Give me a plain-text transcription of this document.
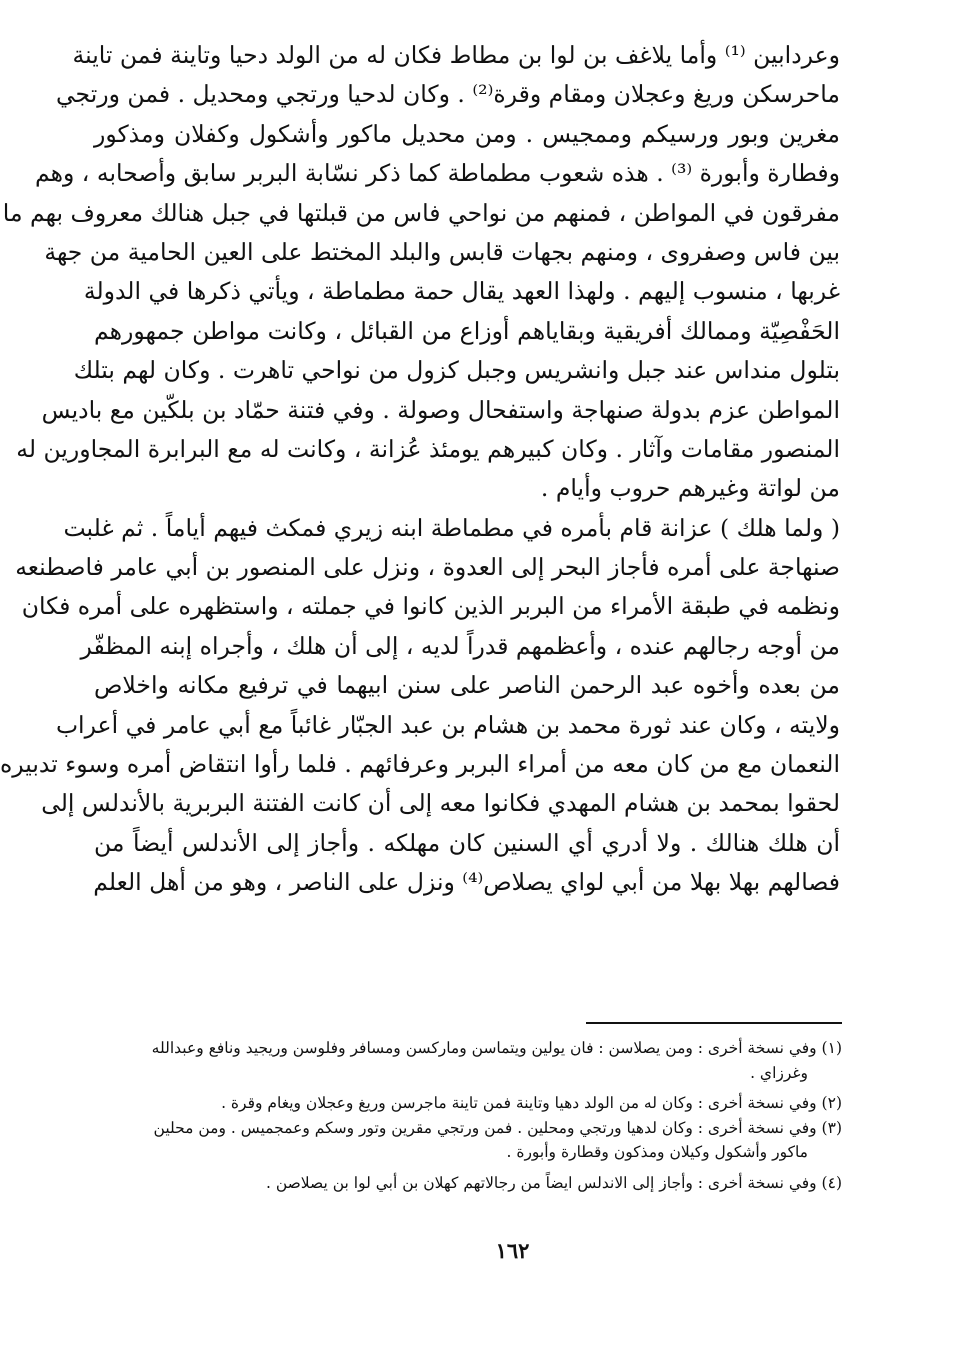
وعردابين ⁽¹⁾ وأما يلاغف بن لوا بن مطاط فكان له من الولد دحيا وتاينة فمن تاينة
ماحرسكن وريغ وعجلان ومقام وقرة⁽²⁾ . وكان لدحيا ورتجي ومحديل . فمن ورتجي
مغرين وبور ورسيكم وممجيس . ومن محديل ماكور وأشكول وكفلان ومذكور
وفطارة وأبورة ⁽³⁾ . هذه شعوب مطماطة كما ذكر نسّابة البربر سابق وأصحابه ، وهم
مفرقون في المواطن ، فمنهم من نواحي فاس من قبلتها في جبل هنالك معروف بهم ما
بين فاس وصفروى ، ومنهم بجهات قابس والبلد المختط على العين الحامية من جهة
غربها ، منسوب إليهم . ولهذا العهد يقال حمة مطماطة ، ويأتي ذكرها في الدولة
الحَفْصِيّة وممالك أفريقية وبقاياهم أوزاع من القبائل ، وكانت مواطن جمهورهم
بتلول منداس عند جبل وانشريس وجبل كزول من نواحي تاهرت . وكان لهم بتلك
المواطن عزم بدولة صنهاجة واستفحال وصولة . وفي فتنة حمّاد بن بلكّين مع باديس
المنصور مقامات وآثار . وكان كبيرهم يومئذ عُزانة ، وكانت له مع البرابرة المجاورين له
من لواتة وغيرهم حروب وأيام .
( ولما هلك ) عزانة قام بأمره في مطماطة ابنه زيري فمكث فيهم أياماً . ثم غلبت
صنهاجة على أمره فأجاز البحر إلى العدوة ، ونزل على المنصور بن أبي عامر فاصطنعه
ونظمه في طبقة الأمراء من البربر الذين كانوا في جملته ، واستظهره على أمره فكان
من أوجه رجالهم عنده ، وأعظمهم قدراً لديه ، إلى أن هلك ، وأجراه إبنه المظفّر
من بعده وأخوه عبد الرحمن الناصر على سنن ابيهما في ترفيع مكانه واخلاص
ولايته ، وكان عند ثورة محمد بن هشام بن عبد الجبّار غائباً مع أبي عامر في أعراب
النعمان مع من كان معه من أمراء البربر وعرفائهم . فلما رأوا انتقاض أمره وسوء تدبيره
لحقوا بمحمد بن هشام المهدي فكانوا معه إلى أن كانت الفتنة البربرية بالأندلس إلى
أن هلك هنالك . ولا أدري أي السنين كان مهلكه . وأجاز إلى الأندلس أيضاً من
فصالهم بهلا بهلا من أبي لواي يصلاص⁽⁴⁾ ونزل على الناصر ، وهو من أهل العلم
(١) وفي نسخة أخرى : ومن يصلاسن : فان يولين ويتماسن وماركسن ومسافر وفلوسن وريجيد ونافع وعبدالله
وغرزاي .
(٢) وفي نسخة أخرى : وكان له من الولد دهيا وتاينة فمن تاينة ماجرسن وريغ وعجلان ويغام وقرة .
(٣) وفي نسخة أخرى : وكان لدهيا ورتجي ومحلين . فمن ورتجي مقرين وتور وسكم وعمجميس . ومن محلين
ماكور وأشكول وكيلان ومذكون وقطارة وأبورة .
(٤) وفي نسخة أخرى : وأجاز إلى الاندلس ايضاً من رجالاتهم كهلان بن أبي لوا بن يصلاصن .
١٦٢
